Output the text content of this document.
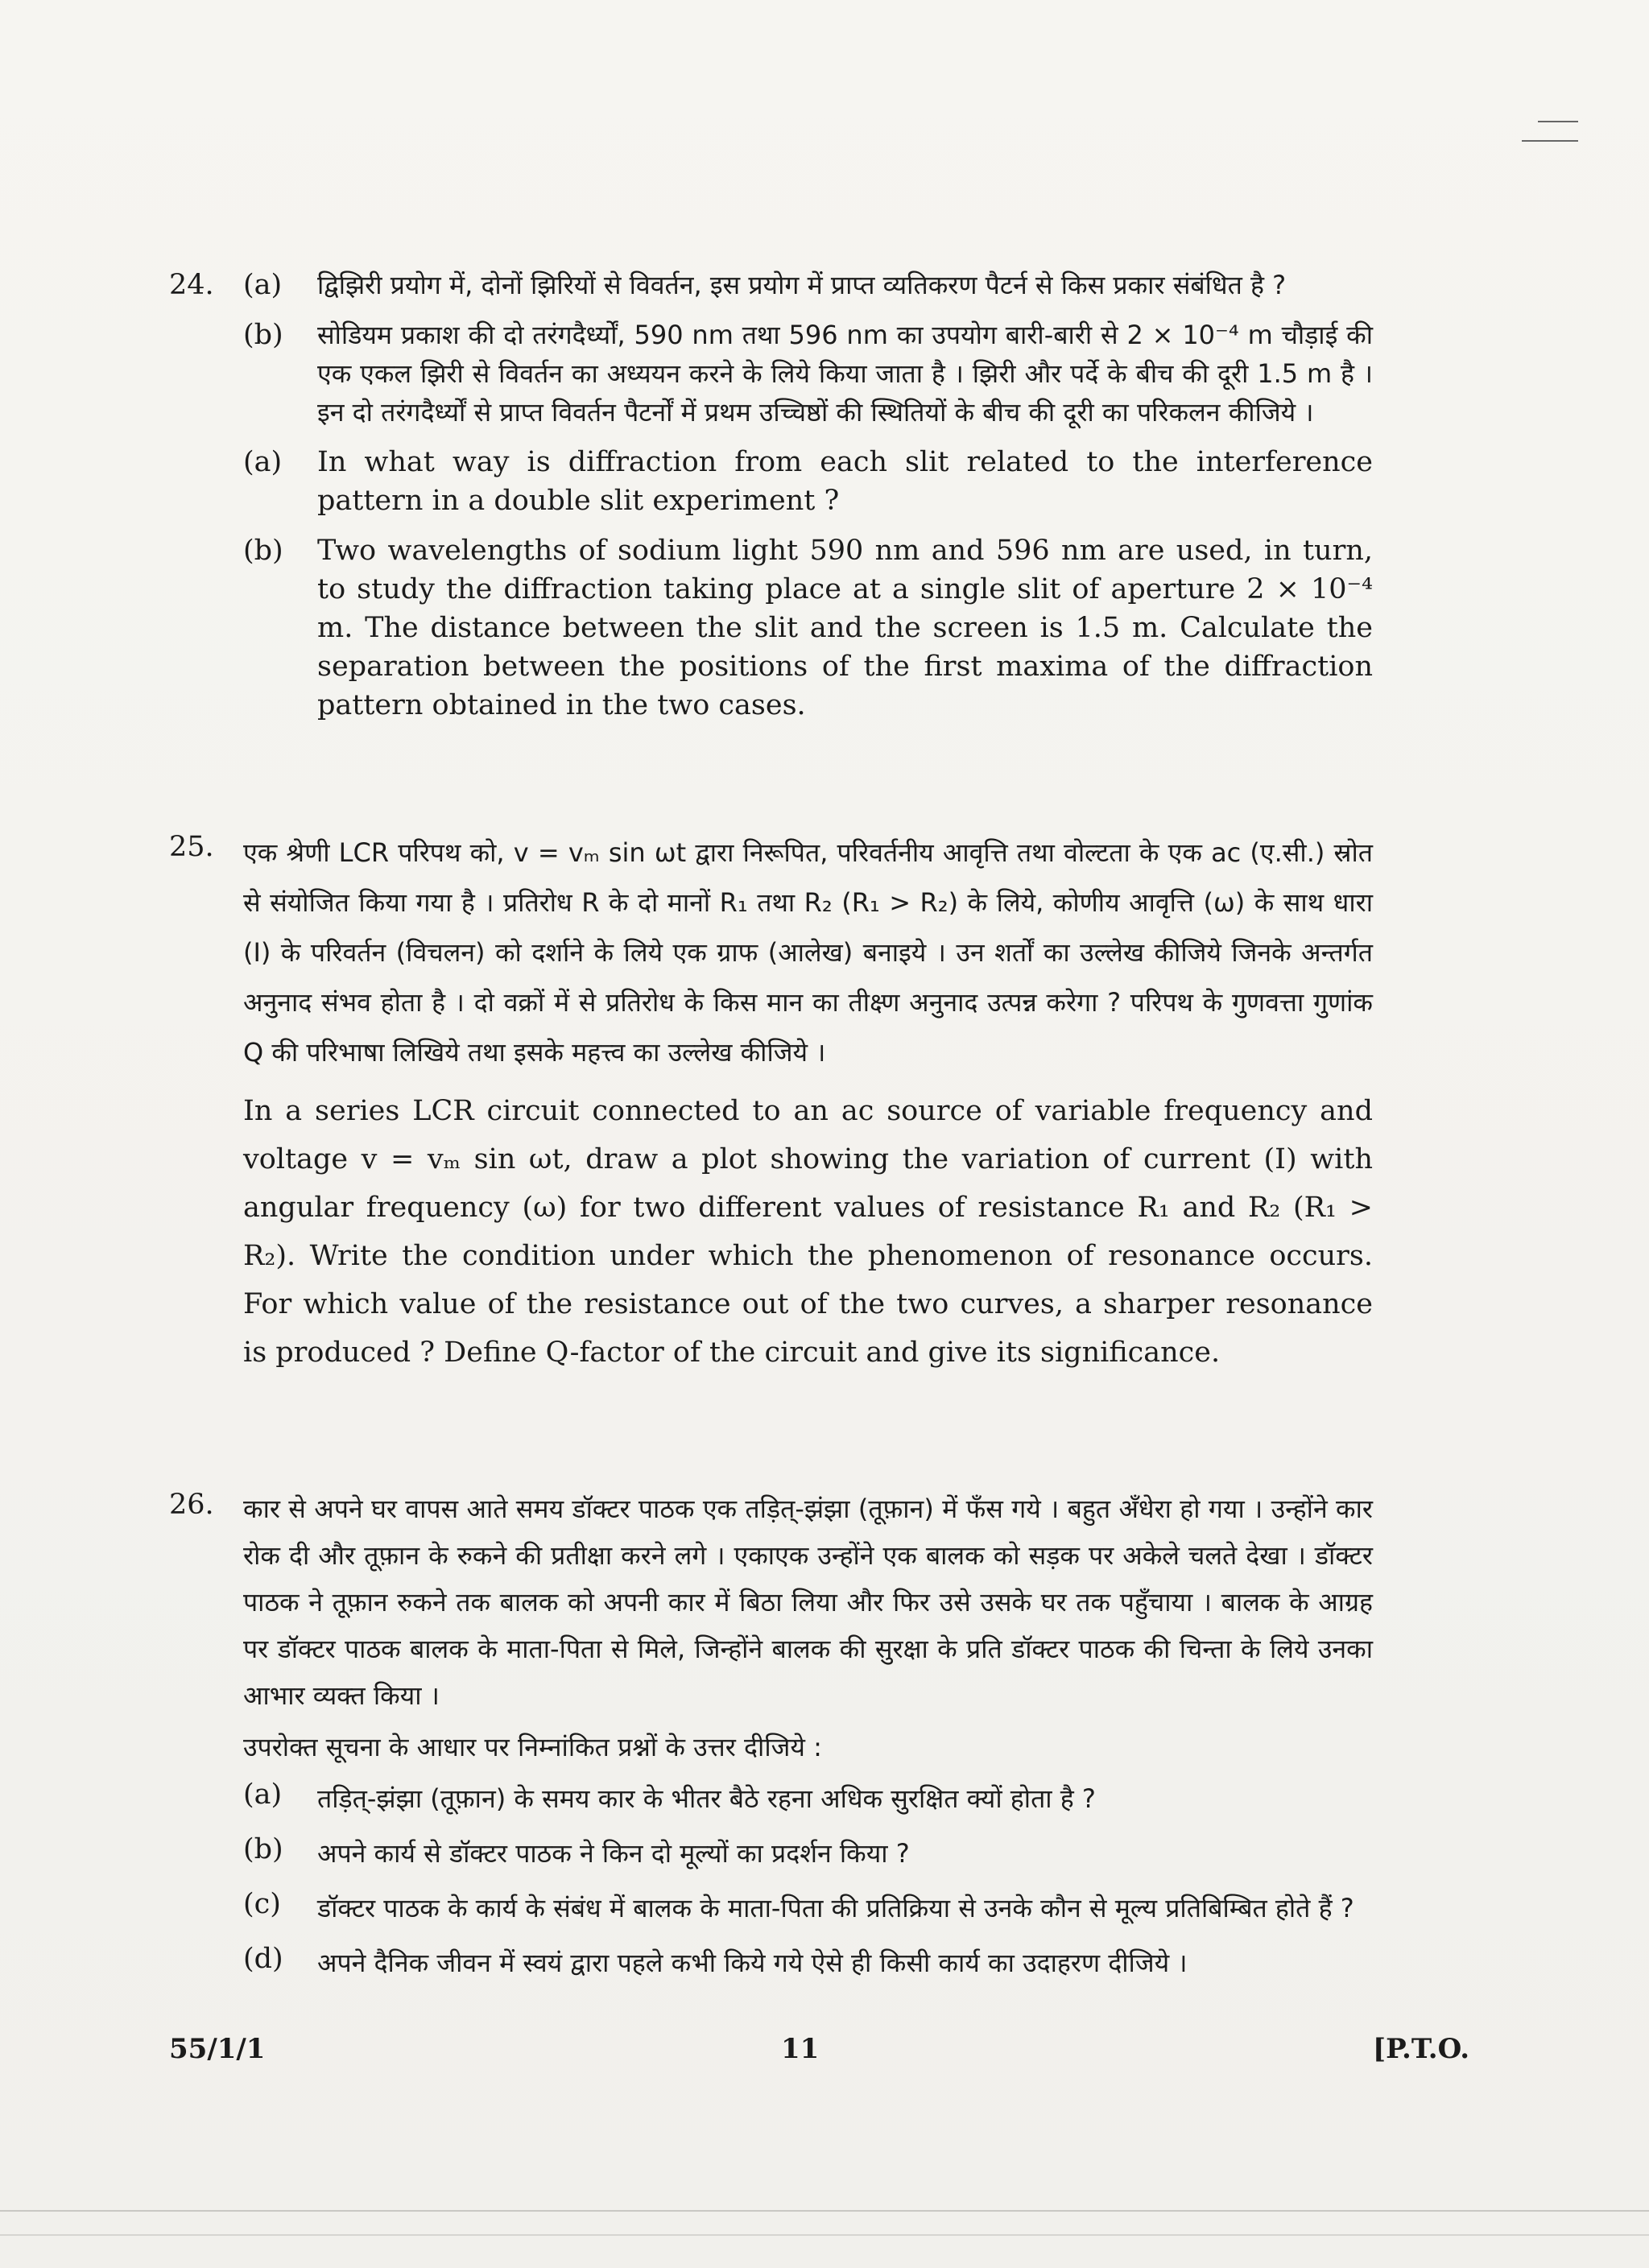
24. (a)	द्विझिरी प्रयोग में, दोनों झिरियों से विवर्तन, इस प्रयोग में प्राप्त व्यतिकरण पैटर्न से किस प्रकार संबंधित है ?

(b)	सोडियम प्रकाश की दो तरंगदैर्ध्यों, 590 nm तथा 596 nm का उपयोग बारी-बारी से 2 × 10⁻⁴ m चौड़ाई की एक एकल झिरी से विवर्तन का अध्ययन करने के लिये किया जाता है । झिरी और पर्दे के बीच की दूरी 1.5 m है । इन दो तरंगदैर्ध्यों से प्राप्त विवर्तन पैटर्नों में प्रथम उच्चिष्ठों की स्थितियों के बीच की दूरी का परिकलन कीजिये ।

(a)	In what way is diffraction from each slit related to the interference pattern in a double slit experiment ?

(b)	Two wavelengths of sodium light 590 nm and 596 nm are used, in turn, to study the diffraction taking place at a single slit of aperture 2 × 10⁻⁴ m. The distance between the slit and the screen is 1.5 m. Calculate the separation between the positions of the first maxima of the diffraction pattern obtained in the two cases.

25. एक श्रेणी LCR परिपथ को, v = vₘ sin ωt द्वारा निरूपित, परिवर्तनीय आवृत्ति तथा वोल्टता के एक ac (ए.सी.) स्रोत से संयोजित किया गया है । प्रतिरोध R के दो मानों R₁ तथा R₂ (R₁ > R₂) के लिये, कोणीय आवृत्ति (ω) के साथ धारा (I) के परिवर्तन (विचलन) को दर्शाने के लिये एक ग्राफ (आलेख) बनाइये । उन शर्तों का उल्लेख कीजिये जिनके अन्तर्गत अनुनाद संभव होता है । दो वक्रों में से प्रतिरोध के किस मान का तीक्ष्ण अनुनाद उत्पन्न करेगा ? परिपथ के गुणवत्ता गुणांक Q की परिभाषा लिखिये तथा इसके महत्त्व का उल्लेख कीजिये ।

In a series LCR circuit connected to an ac source of variable frequency and voltage v = vₘ sin ωt, draw a plot showing the variation of current (I) with angular frequency (ω) for two different values of resistance R₁ and R₂ (R₁ > R₂). Write the condition under which the phenomenon of resonance occurs. For which value of the resistance out of the two curves, a sharper resonance is produced ? Define Q-factor of the circuit and give its significance.

26. कार से अपने घर वापस आते समय डॉक्टर पाठक एक तड़ित्-झंझा (तूफ़ान) में फँस गये । बहुत अँधेरा हो गया । उन्होंने कार रोक दी और तूफ़ान के रुकने की प्रतीक्षा करने लगे । एकाएक उन्होंने एक बालक को सड़क पर अकेले चलते देखा । डॉक्टर पाठक ने तूफ़ान रुकने तक बालक को अपनी कार में बिठा लिया और फिर उसे उसके घर तक पहुँचाया । बालक के आग्रह पर डॉक्टर पाठक बालक के माता-पिता से मिले, जिन्होंने बालक की सुरक्षा के प्रति डॉक्टर पाठक की चिन्ता के लिये उनका आभार व्यक्त किया ।

उपरोक्त सूचना के आधार पर निम्नांकित प्रश्नों के उत्तर दीजिये :

(a)	तड़ित्-झंझा (तूफ़ान) के समय कार के भीतर बैठे रहना अधिक सुरक्षित क्यों होता है ?

(b)	अपने कार्य से डॉक्टर पाठक ने किन दो मूल्यों का प्रदर्शन किया ?

(c)	डॉक्टर पाठक के कार्य के संबंध में बालक के माता-पिता की प्रतिक्रिया से उनके कौन से मूल्य प्रतिबिम्बित होते हैं ?

(d)	अपने दैनिक जीवन में स्वयं द्वारा पहले कभी किये गये ऐसे ही किसी कार्य का उदाहरण दीजिये ।

55/1/1	11	[P.T.O.
